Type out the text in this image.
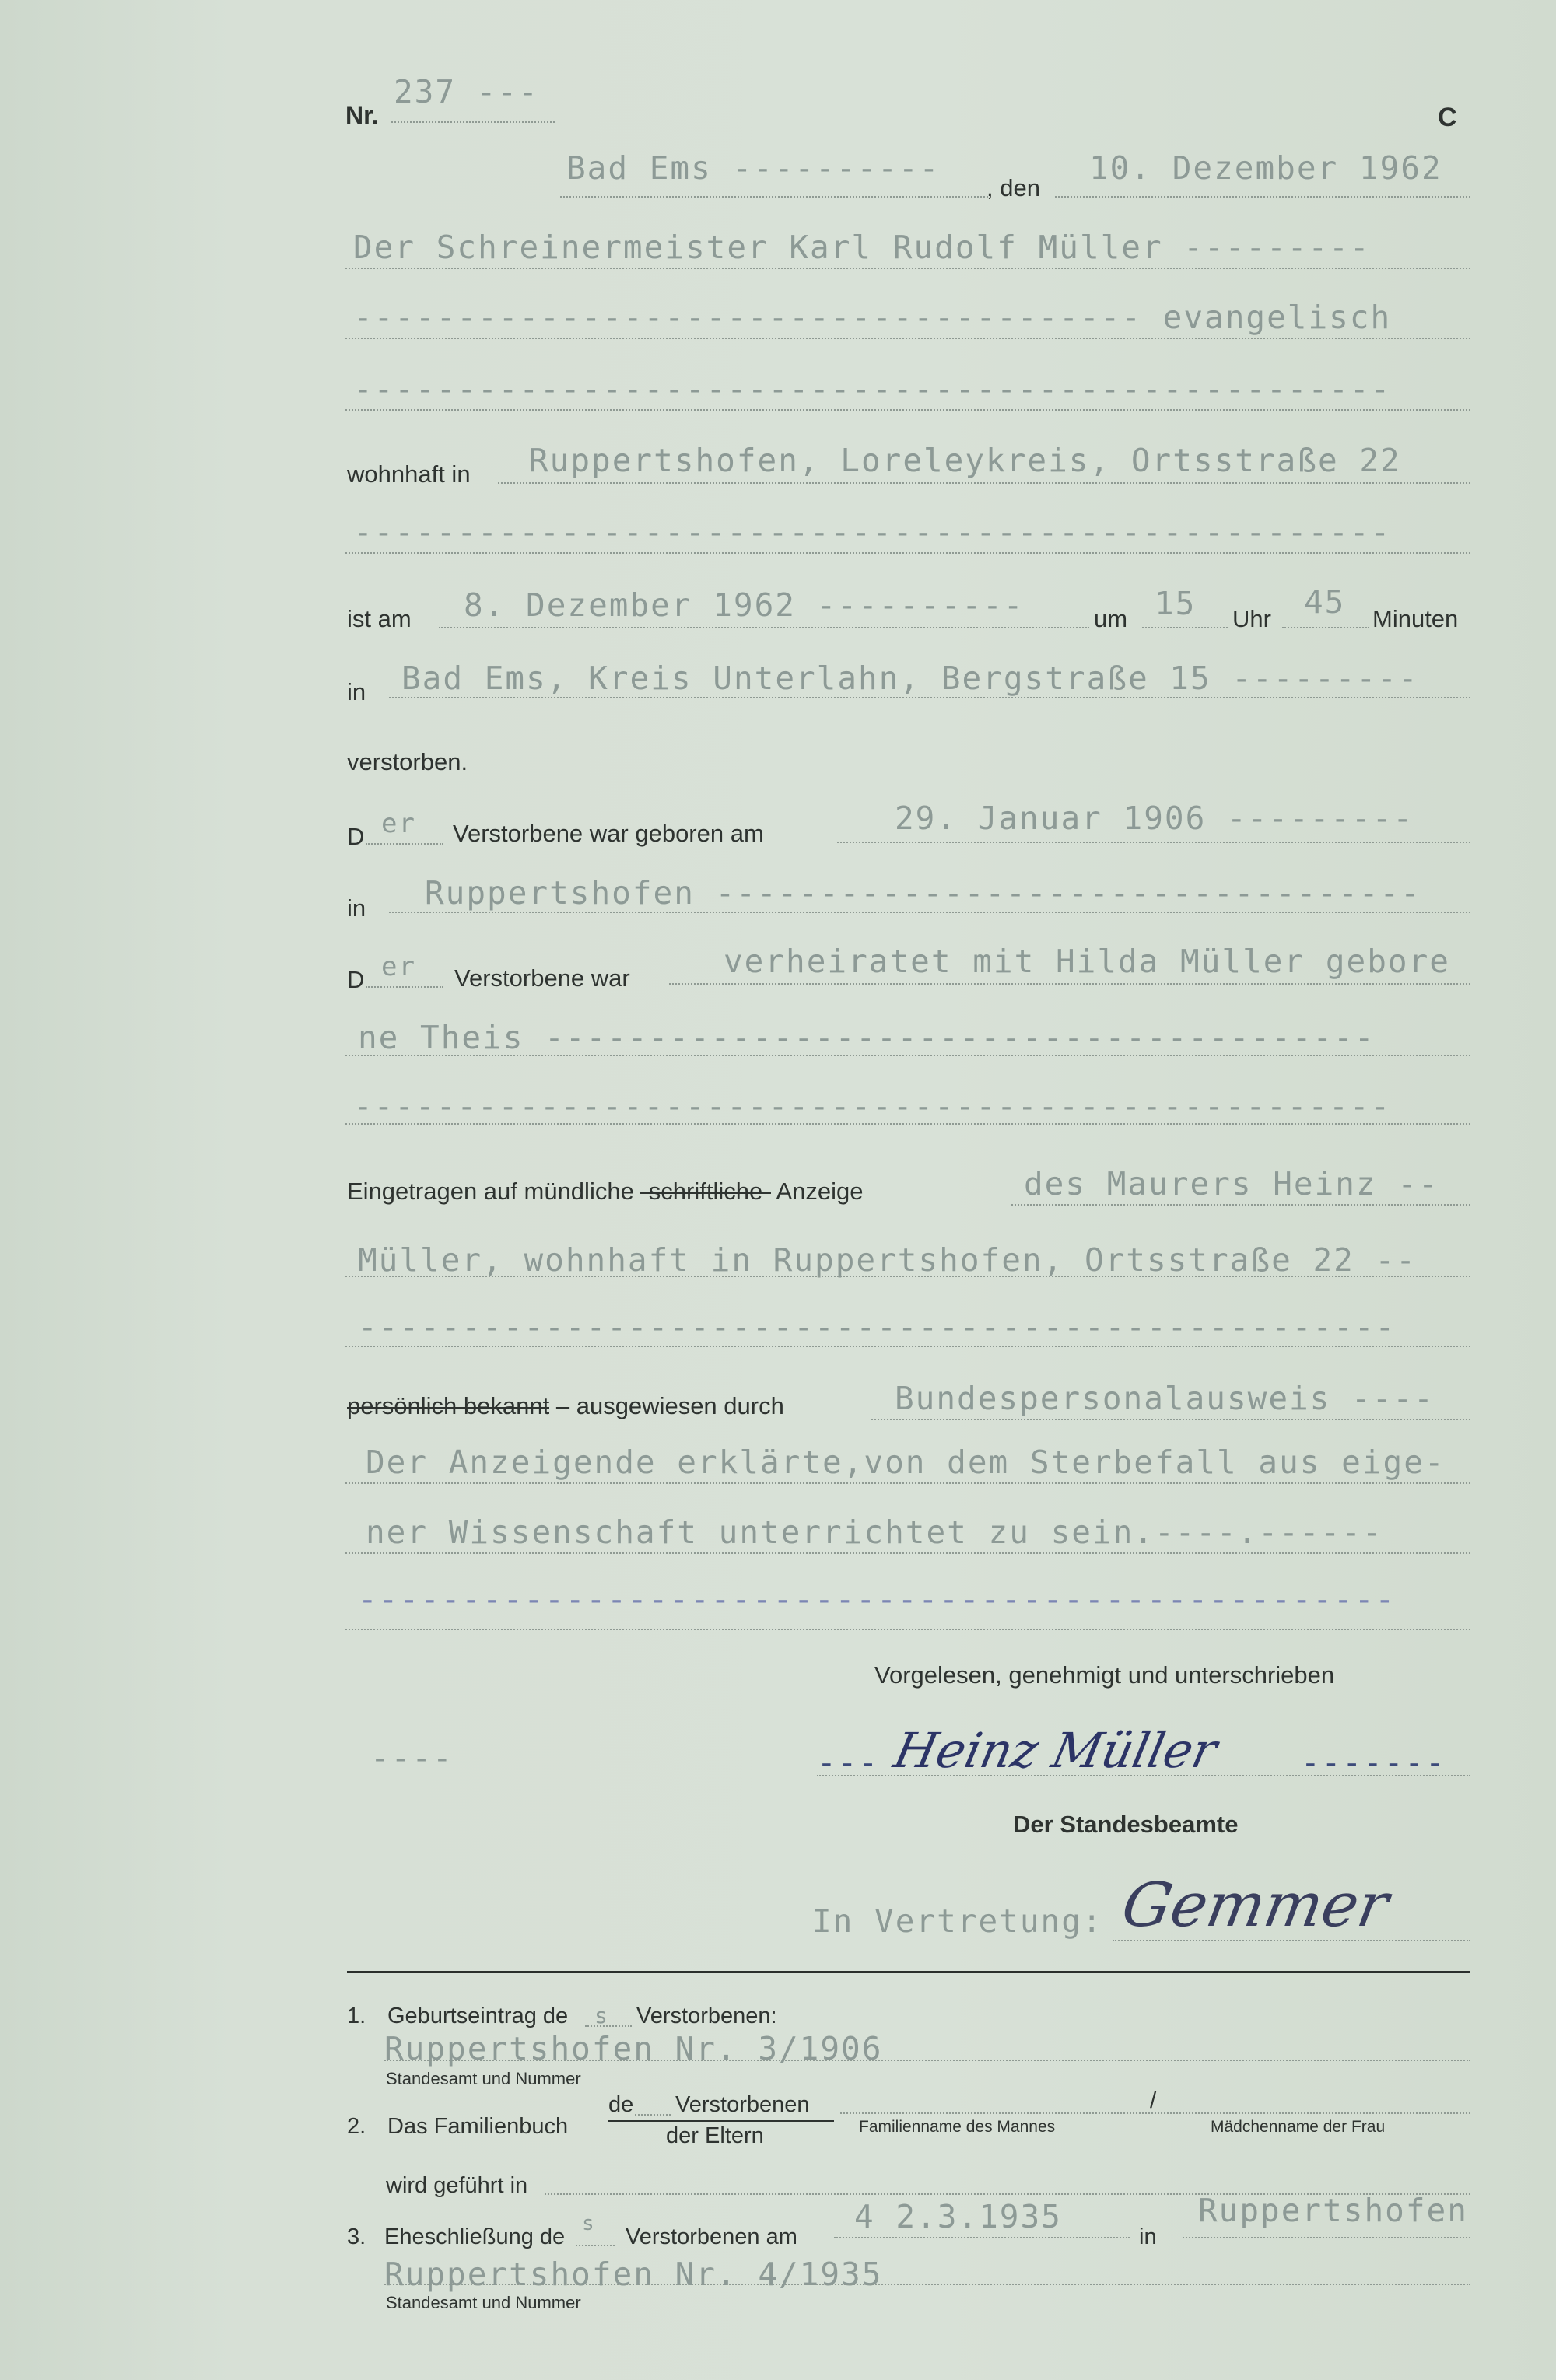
Nr.
237 ---
C
Bad Ems ----------
, den
10. Dezember 1962
Der Schreinermeister Karl Rudolf Müller ---------
-------------------------------------- evangelisch
--------------------------------------------------
wohnhaft in Ruppertshofen, Loreleykreis, Ortsstraße 22
--------------------------------------------------
ist am 8. Dezember 1962 ----------	um 15 Uhr 45 Minuten
in Bad Ems, Kreis Unterlahn, Bergstraße 15 ---------
verstorben.
D er Verstorbene war geboren am	29. Januar 1906 ---------
in Ruppertshofen ----------------------------------
D er Verstorbene war	verheiratet mit Hilda Müller gebore
ne Theis ----------------------------------------
--------------------------------------------------
Eingetragen auf mündliche -schriftliche- Anzeige	des Maurers Heinz --
Müller, wohnhaft in Ruppertshofen, Ortsstraße 22 --
--------------------------------------------------
persönlich bekannt – ausgewiesen durch	Bundespersonalausweis ----
Der Anzeigende erklärte,von dem Sterbefall aus eige-
ner Wissenschaft unterrichtet zu sein.----.------
--------------------------------------------------
Vorgelesen, genehmigt und unterschrieben
----	--- Heinz Müller -------
Der Standesbeamte
In Vertretung: Gemmer
1. Geburtseintrag de s Verstorbenen:
Ruppertshofen Nr. 3/1906
Standesamt und Nummer
2. Das Familienbuch
de Verstorbenen
der Eltern
/
Familienname des Mannes	Mädchenname der Frau
wird geführt in
3. Eheschließung de
s
Verstorbenen am
4 2.3.1935
in
Ruppertshofen
Ruppertshofen Nr. 4/1935
Standesamt und Nummer
